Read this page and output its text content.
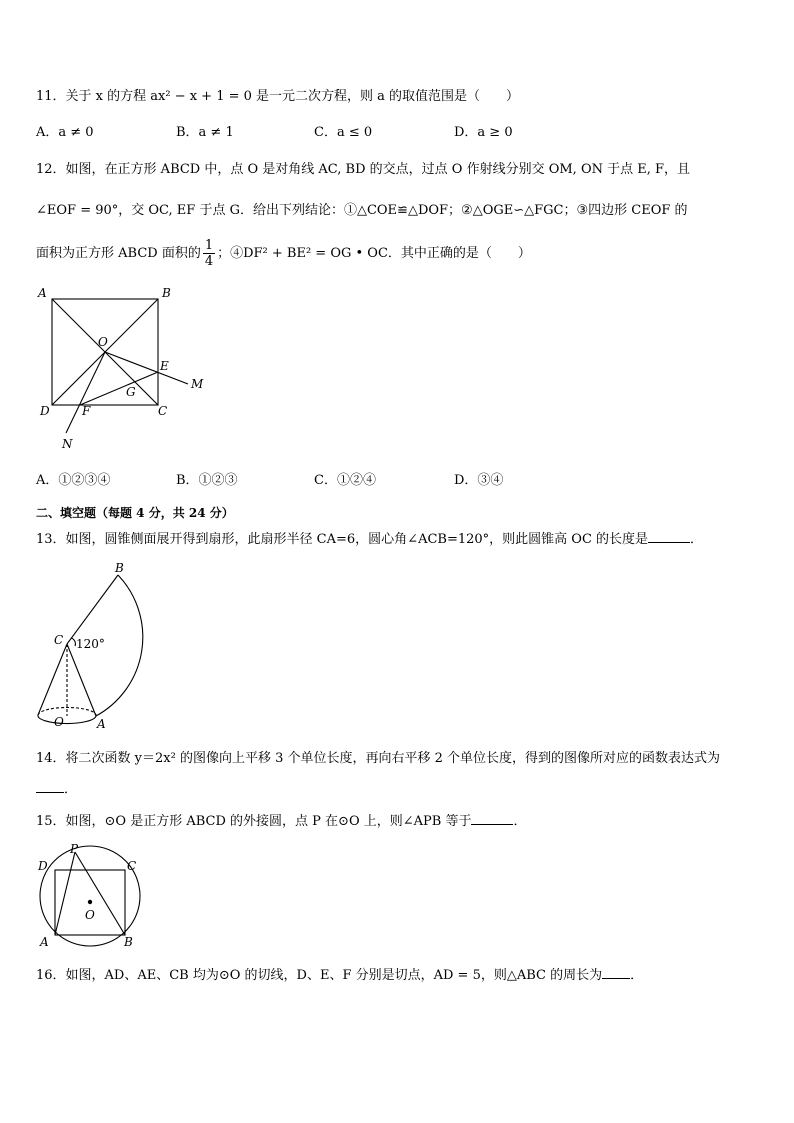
11．关于 x 的方程 ax² − x + 1 = 0 是一元二次方程，则 a 的取值范围是（　　）
A．a ≠ 0	B．a ≠ 1	C．a ≤ 0	D．a ≥ 0
12．如图，在正方形 ABCD 中，点 O 是对角线 AC, BD 的交点，过点 O 作射线分别交 OM, ON 于点 E, F，且
∠EOF = 90°，交 OC, EF 于点 G．给出下列结论：①△COE≌△DOF；②△OGE∽△FGC；③四边形 CEOF 的
面积为正方形 ABCD 面积的 $\frac{1}{4}$ ；④DF² + BE² = OG • OC．其中正确的是（　　）
A	B
C
D
O
E
F
G
M
N
A．①②③④	B．①②③	C．①②④	D．③④
二、填空题（每题 4 分，共 24 分）
13．如图，圆锥侧面展开得到扇形，此扇形半径 CA=6，圆心角∠ACB=120°，则此圆锥高 OC 的长度是	．
B
C
A
O
120°
14．将二次函数 y＝2x² 的图像向上平移 3 个单位长度，再向右平移 2 个单位长度，得到的图像所对应的函数表达式为
．
15．如图，⊙O 是正方形 ABCD 的外接圆，点 P 在⊙O 上，则∠APB 等于	．
D
P
C
O
A	B
16．如图，AD、AE、CB 均为⊙O 的切线，D、E、F 分别是切点，AD = 5，则△ABC 的周长为 ．
